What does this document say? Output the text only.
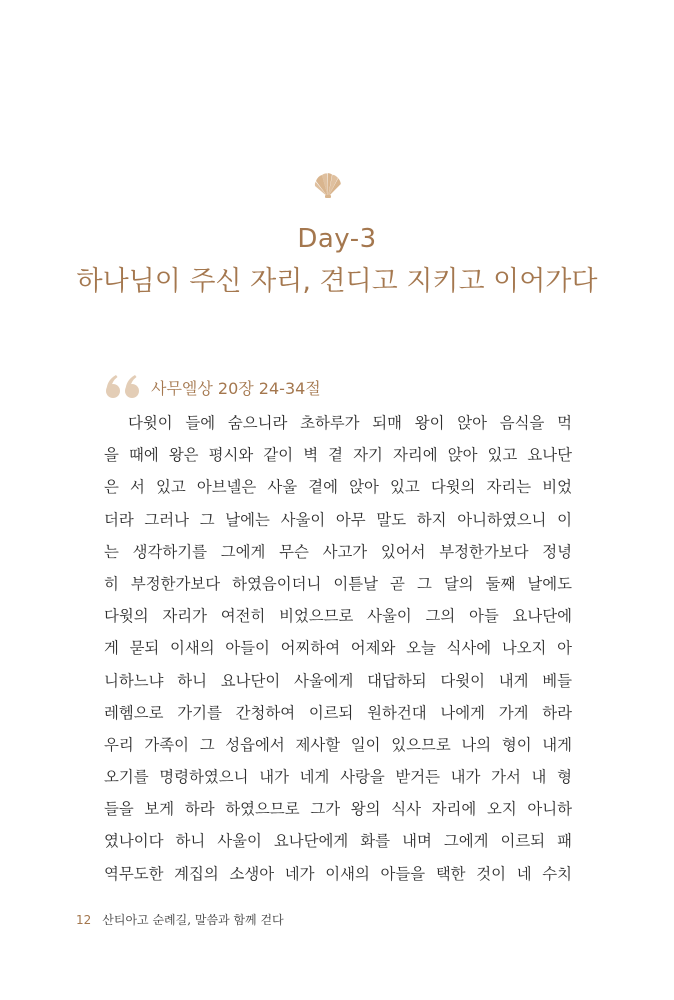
Day-3
하나님이 주신 자리, 견디고 지키고 이어가다
사무엘상 20장 24-34절
다윗이 들에 숨으니라 초하루가 되매 왕이 앉아 음식을 먹
을 때에 왕은 평시와 같이 벽 곁 자기 자리에 앉아 있고 요나단
은 서 있고 아브넬은 사울 곁에 앉아 있고 다윗의 자리는 비었
더라 그러나 그 날에는 사울이 아무 말도 하지 아니하였으니 이
는 생각하기를 그에게 무슨 사고가 있어서 부정한가보다 정녕
히 부정한가보다 하였음이더니 이튿날 곧 그 달의 둘째 날에도
다윗의 자리가 여전히 비었으므로 사울이 그의 아들 요나단에
게 묻되 이새의 아들이 어찌하여 어제와 오늘 식사에 나오지 아
니하느냐 하니 요나단이 사울에게 대답하되 다윗이 내게 베들
레헴으로 가기를 간청하여 이르되 원하건대 나에게 가게 하라
우리 가족이 그 성읍에서 제사할 일이 있으므로 나의 형이 내게
오기를 명령하였으니 내가 네게 사랑을 받거든 내가 가서 내 형
들을 보게 하라 하였으므로 그가 왕의 식사 자리에 오지 아니하
였나이다 하니 사울이 요나단에게 화를 내며 그에게 이르되 패
역무도한 계집의 소생아 네가 이새의 아들을 택한 것이 네 수치
12 산티아고 순례길, 말씀과 함께 걷다
